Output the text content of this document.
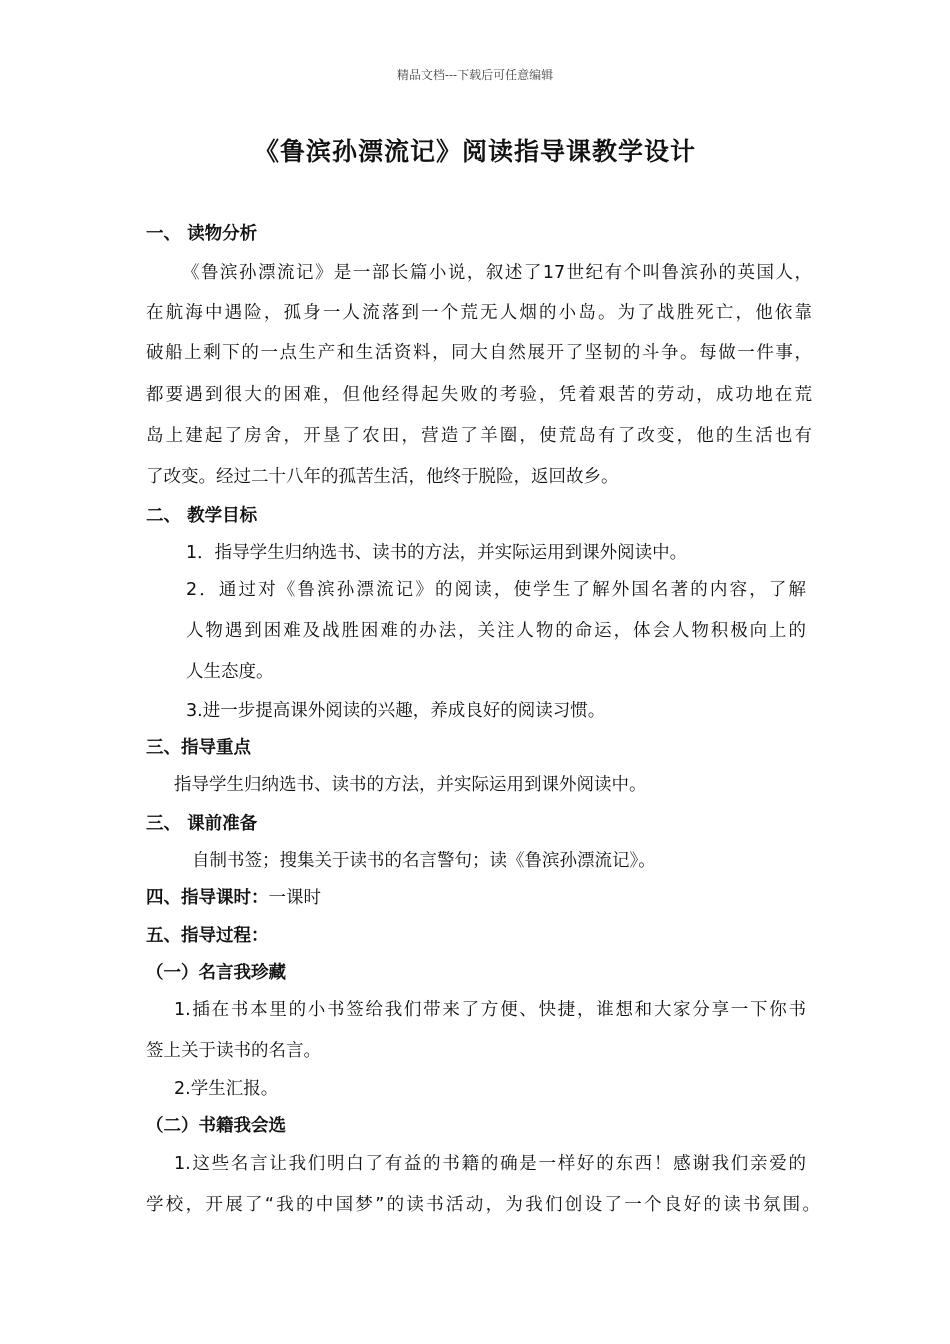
精品文档---下载后可任意编辑
《鲁滨孙漂流记》阅读指导课教学设计
一、 读物分析
《鲁滨孙漂流记》是一部长篇小说，叙述了17世纪有个叫鲁滨孙的英国人，
在航海中遇险，孤身一人流落到一个荒无人烟的小岛。为了战胜死亡，他依靠
破船上剩下的一点生产和生活资料，同大自然展开了坚韧的斗争。每做一件事，
都要遇到很大的困难，但他经得起失败的考验，凭着艰苦的劳动，成功地在荒
岛上建起了房舍，开垦了农田，营造了羊圈，使荒岛有了改变，他的生活也有
了改变。经过二十八年的孤苦生活，他终于脱险，返回故乡。
二、 教学目标
1．指导学生归纳选书、读书的方法，并实际运用到课外阅读中。
2．通过对《鲁滨孙漂流记》的阅读，使学生了解外国名著的内容，了解
人物遇到困难及战胜困难的办法，关注人物的命运，体会人物积极向上的
人生态度。
3.进一步提高课外阅读的兴趣，养成良好的阅读习惯。
三、指导重点
指导学生归纳选书、读书的方法，并实际运用到课外阅读中。
三、 课前准备
自制书签；搜集关于读书的名言警句；读《鲁滨孙漂流记》。
四、指导课时：一课时
五、指导过程：
（一）名言我珍藏
1.插在书本里的小书签给我们带来了方便、快捷，谁想和大家分享一下你书
签上关于读书的名言。
2.学生汇报。
（二）书籍我会选
1.这些名言让我们明白了有益的书籍的确是一样好的东西！感谢我们亲爱的
学校，开展了“我的中国梦”的读书活动，为我们创设了一个良好的读书氛围。
